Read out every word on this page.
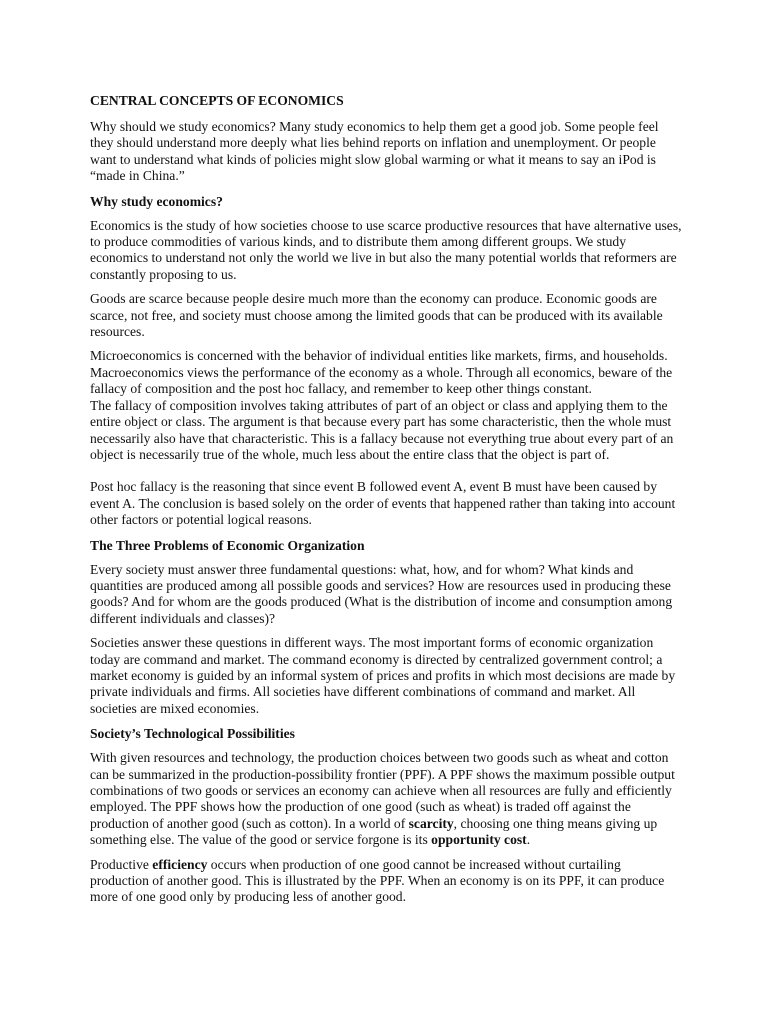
CENTRAL CONCEPTS OF ECONOMICS

Why should we study economics? Many study economics to help them get a good job. Some people feel they should understand more deeply what lies behind reports on inflation and unemployment. Or people want to understand what kinds of policies might slow global warming or what it means to say an iPod is “made in China.”

Why study economics?

Economics is the study of how societies choose to use scarce productive resources that have alternative uses, to produce commodities of various kinds, and to distribute them among different groups. We study economics to understand not only the world we live in but also the many potential worlds that reformers are constantly proposing to us.

Goods are scarce because people desire much more than the economy can produce. Economic goods are scarce, not free, and society must choose among the limited goods that can be produced with its available resources.

Microeconomics is concerned with the behavior of individual entities like markets, firms, and households. Macroeconomics views the performance of the economy as a whole. Through all economics, beware of the fallacy of composition and the post hoc fallacy, and remember to keep other things constant.

The fallacy of composition involves taking attributes of part of an object or class and applying them to the entire object or class. The argument is that because every part has some characteristic, then the whole must necessarily also have that characteristic. This is a fallacy because not everything true about every part of an object is necessarily true of the whole, much less about the entire class that the object is part of.

Post hoc fallacy is the reasoning that since event B followed event A, event B must have been caused by event A. The conclusion is based solely on the order of events that happened rather than taking into account other factors or potential logical reasons.

The Three Problems of Economic Organization

Every society must answer three fundamental questions: what, how, and for whom? What kinds and quantities are produced among all possible goods and services? How are resources used in producing these goods? And for whom are the goods produced (What is the distribution of income and consumption among different individuals and classes)?

Societies answer these questions in different ways. The most important forms of economic organization today are command and market. The command economy is directed by centralized government control; a market economy is guided by an informal system of prices and profits in which most decisions are made by private individuals and firms. All societies have different combinations of command and market. All societies are mixed economies.

Society’s Technological Possibilities

With given resources and technology, the production choices between two goods such as wheat and cotton can be summarized in the production-possibility frontier (PPF). A PPF shows the maximum possible output combinations of two goods or services an economy can achieve when all resources are fully and efficiently employed. The PPF shows how the production of one good (such as wheat) is traded off against the production of another good (such as cotton). In a world of scarcity, choosing one thing means giving up something else. The value of the good or service forgone is its opportunity cost.

Productive efficiency occurs when production of one good cannot be increased without curtailing production of another good. This is illustrated by the PPF. When an economy is on its PPF, it can produce more of one good only by producing less of another good.
